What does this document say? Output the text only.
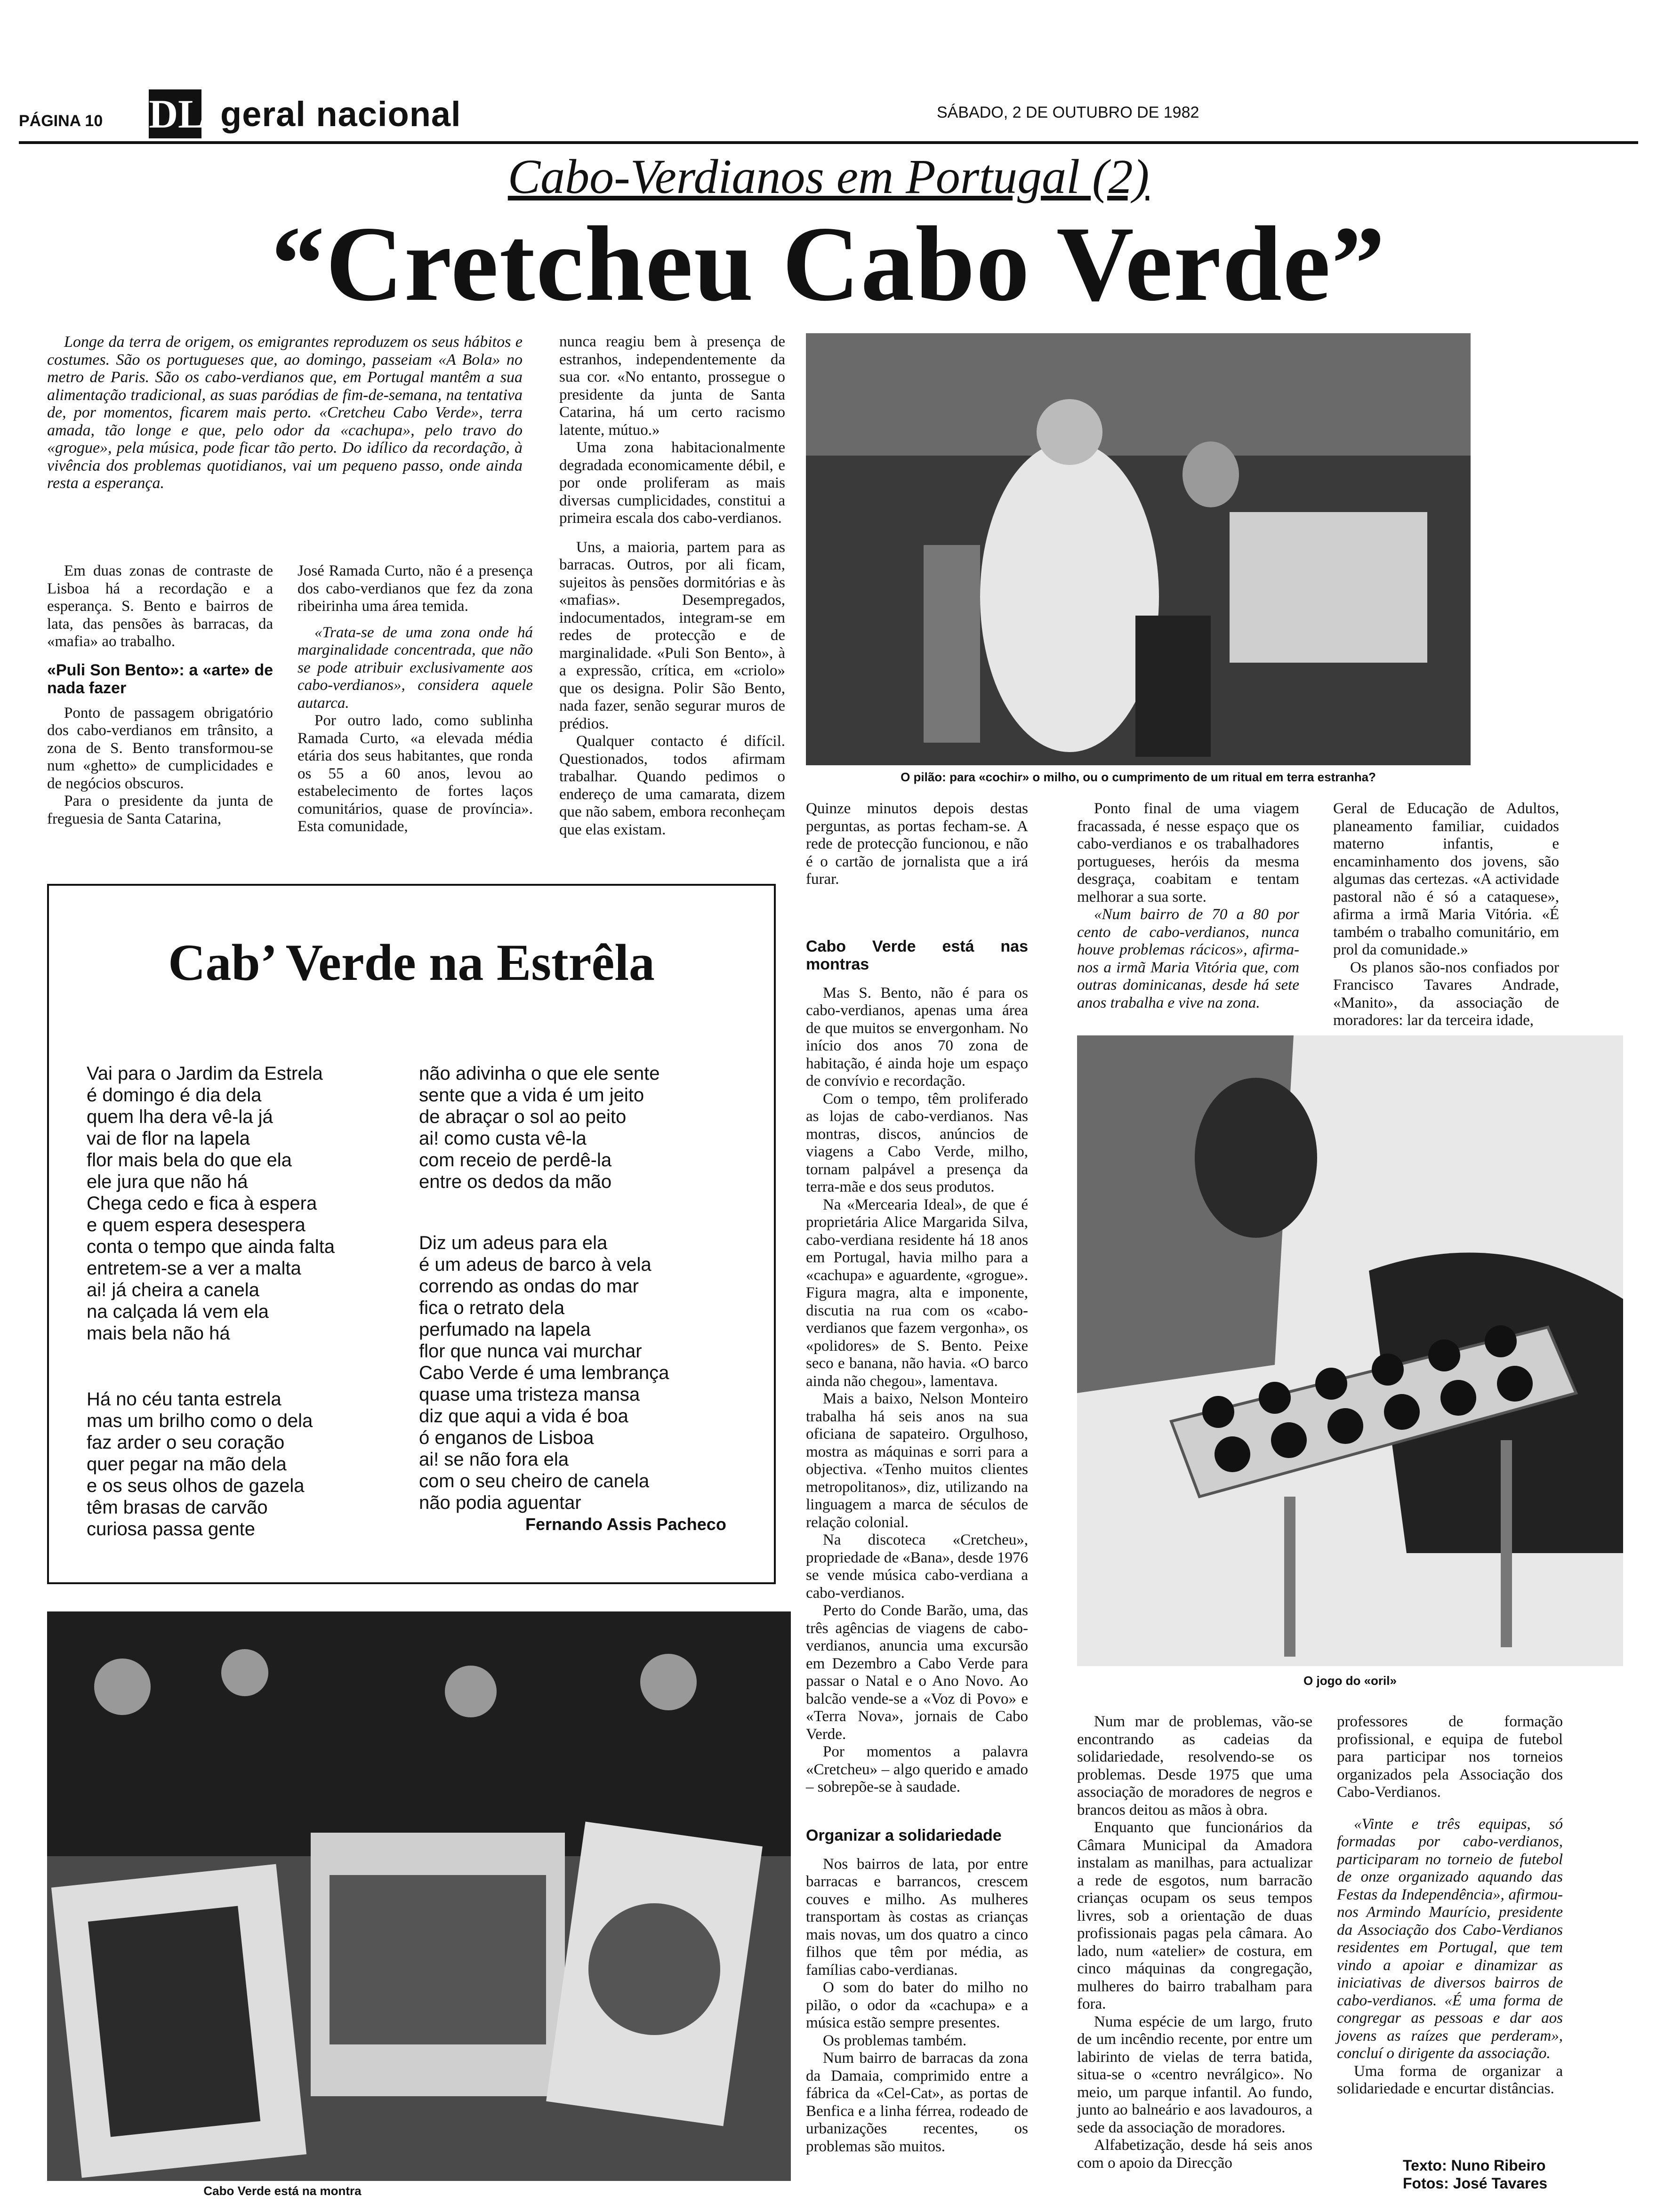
PÁGINA 10 DL geral nacional	SÁBADO, 2 DE OUTUBRO DE 1982
Cabo-Verdianos em Portugal (2)
“Cretcheu Cabo Verde”
Longe da terra de origem, os emigrantes reproduzem os seus hábitos e costumes. São os portugueses que, ao domingo, passeiam «A Bola» no metro de Paris. São os cabo-verdianos que, em Portugal mantêm a sua alimentação tradicional, as suas paródias de fim-de-semana, na tentativa de, por momentos, ficarem mais perto. «Cretcheu Cabo Verde», terra amada, tão longe e que, pelo odor da «cachupa», pelo travo do «grogue», pela música, pode ficar tão perto. Do idílico da recordação, à vivência dos problemas quotidianos, vai um pequeno passo, onde ainda resta a esperança.

Em duas zonas de contraste de Lisboa há a recordação e a esperança. S. Bento e bairros de lata, das pensões às barracas, da «mafia» ao trabalho.

«Puli Son Bento»: a «arte» de nada fazer

Ponto de passagem obrigatório dos cabo-verdianos em trânsito, a zona de S. Bento transformou-se num «ghetto» de cumplicidades e de negócios obscuros.

Para o presidente da junta de freguesia de Santa Catarina,

José Ramada Curto, não é a presença dos cabo-verdianos que fez da zona ribeirinha uma área temida.

«Trata-se de uma zona onde há marginalidade concentrada, que não se pode atribuir exclusivamente aos cabo-verdianos», considera aquele autarca.

Por outro lado, como sublinha Ramada Curto, «a elevada média etária dos seus habitantes, que ronda os 55 a 60 anos, levou ao estabelecimento de fortes laços comunitários, quase de província». Esta comunidade,

nunca reagiu bem à presença de estranhos, independentemente da sua cor. «No entanto, prossegue o presidente da junta de Santa Catarina, há um certo racismo latente, mútuo.»

Uma zona habitacionalmente degradada economicamente débil, e por onde proliferam as mais diversas cumplicidades, constitui a primeira escala dos cabo-verdianos.

Uns, a maioria, partem para as barracas. Outros, por ali ficam, sujeitos às pensões dormitórias e às «mafias». Desempregados, indocumentados, integram-se em redes de protecção e de marginalidade. «Puli Son Bento», à a expressão, crítica, em «criolo» que os designa. Polir São Bento, nada fazer, senão segurar muros de prédios.

Qualquer contacto é difícil. Questionados, todos afirmam trabalhar. Quando pedimos o endereço de uma camarata, dizem que não sabem, embora reconheçam que elas existam.

O pilão: para «cochir» o milho, ou o cumprimento de um ritual em terra estranha?

Quinze minutos depois destas perguntas, as portas fecham-se. A rede de protecção funcionou, e não é o cartão de jornalista que a irá furar.

Cabo Verde está nas montras

Mas S. Bento, não é para os cabo-verdianos, apenas uma área de que muitos se envergonham. No início dos anos 70 zona de habitação, é ainda hoje um espaço de convívio e recordação.

Com o tempo, têm proliferado as lojas de cabo-verdianos. Nas montras, discos, anúncios de viagens a Cabo Verde, milho, tornam palpável a presença da terra-mãe e dos seus produtos.

Na «Mercearia Ideal», de que é proprietária Alice Margarida Silva, cabo-verdiana residente há 18 anos em Portugal, havia milho para a «cachupa» e aguardente, «grogue». Figura magra, alta e imponente, discutia na rua com os «cabo-verdianos que fazem vergonha», os «polidores» de S. Bento. Peixe seco e banana, não havia. «O barco ainda não chegou», lamentava.

Mais a baixo, Nelson Monteiro trabalha há seis anos na sua oficiana de sapateiro. Orgulhoso, mostra as máquinas e sorri para a objectiva. «Tenho muitos clientes metropolitanos», diz, utilizando na linguagem a marca de séculos de relação colonial.

Na discoteca «Cretcheu», propriedade de «Bana», desde 1976 se vende música cabo-verdiana a cabo-verdianos.

Perto do Conde Barão, uma, das três agências de viagens de cabo-verdianos, anuncia uma excursão em Dezembro a Cabo Verde para passar o Natal e o Ano Novo. Ao balcão vende-se a «Voz di Povo» e «Terra Nova», jornais de Cabo Verde.

Por momentos a palavra «Cretcheu» – algo querido e amado – sobrepõe-se à saudade.

Organizar a solidariedade

Nos bairros de lata, por entre barracas e barrancos, crescem couves e milho. As mulheres transportam às costas as crianças mais novas, um dos quatro a cinco filhos que têm por média, as famílias cabo-verdianas.

O som do bater do milho no pilão, o odor da «cachupa» e a música estão sempre presentes.

Os problemas também.

Num bairro de barracas da zona da Damaia, comprimido entre a fábrica da «Cel-Cat», as portas de Benfica e a linha férrea, rodeado de urbanizações recentes, os problemas são muitos.

Ponto final de uma viagem fracassada, é nesse espaço que os cabo-verdianos e os trabalhadores portugueses, heróis da mesma desgraça, coabitam e tentam melhorar a sua sorte.

«Num bairro de 70 a 80 por cento de cabo-verdianos, nunca houve problemas rácicos», afirma-nos a irmã Maria Vitória que, com outras dominicanas, desde há sete anos trabalha e vive na zona.

Geral de Educação de Adultos, planeamento familiar, cuidados materno infantis, e encaminhamento dos jovens, são algumas das certezas. «A actividade pastoral não é só a cataquese», afirma a irmã Maria Vitória. «É também o trabalho comunitário, em prol da comunidade.»

Os planos são-nos confiados por Francisco Tavares Andrade, «Manito», da associação de moradores: lar da terceira idade,

O jogo do «oril»

Num mar de problemas, vão-se encontrando as cadeias da solidariedade, resolvendo-se os problemas. Desde 1975 que uma associação de moradores de negros e brancos deitou as mãos à obra.

Enquanto que funcionários da Câmara Municipal da Amadora instalam as manilhas, para actualizar a rede de esgotos, num barracão crianças ocupam os seus tempos livres, sob a orientação de duas profissionais pagas pela câmara. Ao lado, num «atelier» de costura, em cinco máquinas da congregação, mulheres do bairro trabalham para fora.

Numa espécie de um largo, fruto de um incêndio recente, por entre um labirinto de vielas de terra batida, situa-se o «centro nevrálgico». No meio, um parque infantil. Ao fundo, junto ao balneário e aos lavadouros, a sede da associação de moradores.

Alfabetização, desde há seis anos com o apoio da Direcção

professores de formação profissional, e equipa de futebol para participar nos torneios organizados pela Associação dos Cabo-Verdianos.

«Vinte e três equipas, só formadas por cabo-verdianos, participaram no torneio de futebol de onze organizado aquando das Festas da Independência», afirmou-nos Armindo Maurício, presidente da Associação dos Cabo-Verdianos residentes em Portugal, que tem vindo a apoiar e dinamizar as iniciativas de diversos bairros de cabo-verdianos. «É uma forma de congregar as pessoas e dar aos jovens as raízes que perderam», concluí o dirigente da associação.

Uma forma de organizar a solidariedade e encurtar distâncias.

Texto: Nuno Ribeiro
Fotos: José Tavares
Cab’ Verde na Estrêla
Vai para o Jardim da Estrela
é domingo é dia dela
quem lha dera vê-la já
vai de flor na lapela
flor mais bela do que ela
ele jura que não há
Chega cedo e fica à espera
e quem espera desespera
conta o tempo que ainda falta
entretem-se a ver a malta
ai! já cheira a canela
na calçada lá vem ela
mais bela não há
Há no céu tanta estrela
mas um brilho como o dela
faz arder o seu coração
quer pegar na mão dela
e os seus olhos de gazela
têm brasas de carvão
curiosa passa gente
não adivinha o que ele sente
sente que a vida é um jeito
de abraçar o sol ao peito
ai! como custa vê-la
com receio de perdê-la
entre os dedos da mão
Diz um adeus para ela
é um adeus de barco à vela
correndo as ondas do mar
fica o retrato dela
perfumado na lapela
flor que nunca vai murchar
Cabo Verde é uma lembrança
quase uma tristeza mansa
diz que aqui a vida é boa
ó enganos de Lisboa
ai! se não fora ela
com o seu cheiro de canela
não podia aguentar
Fernando Assis Pacheco
Cabo Verde está na montra
